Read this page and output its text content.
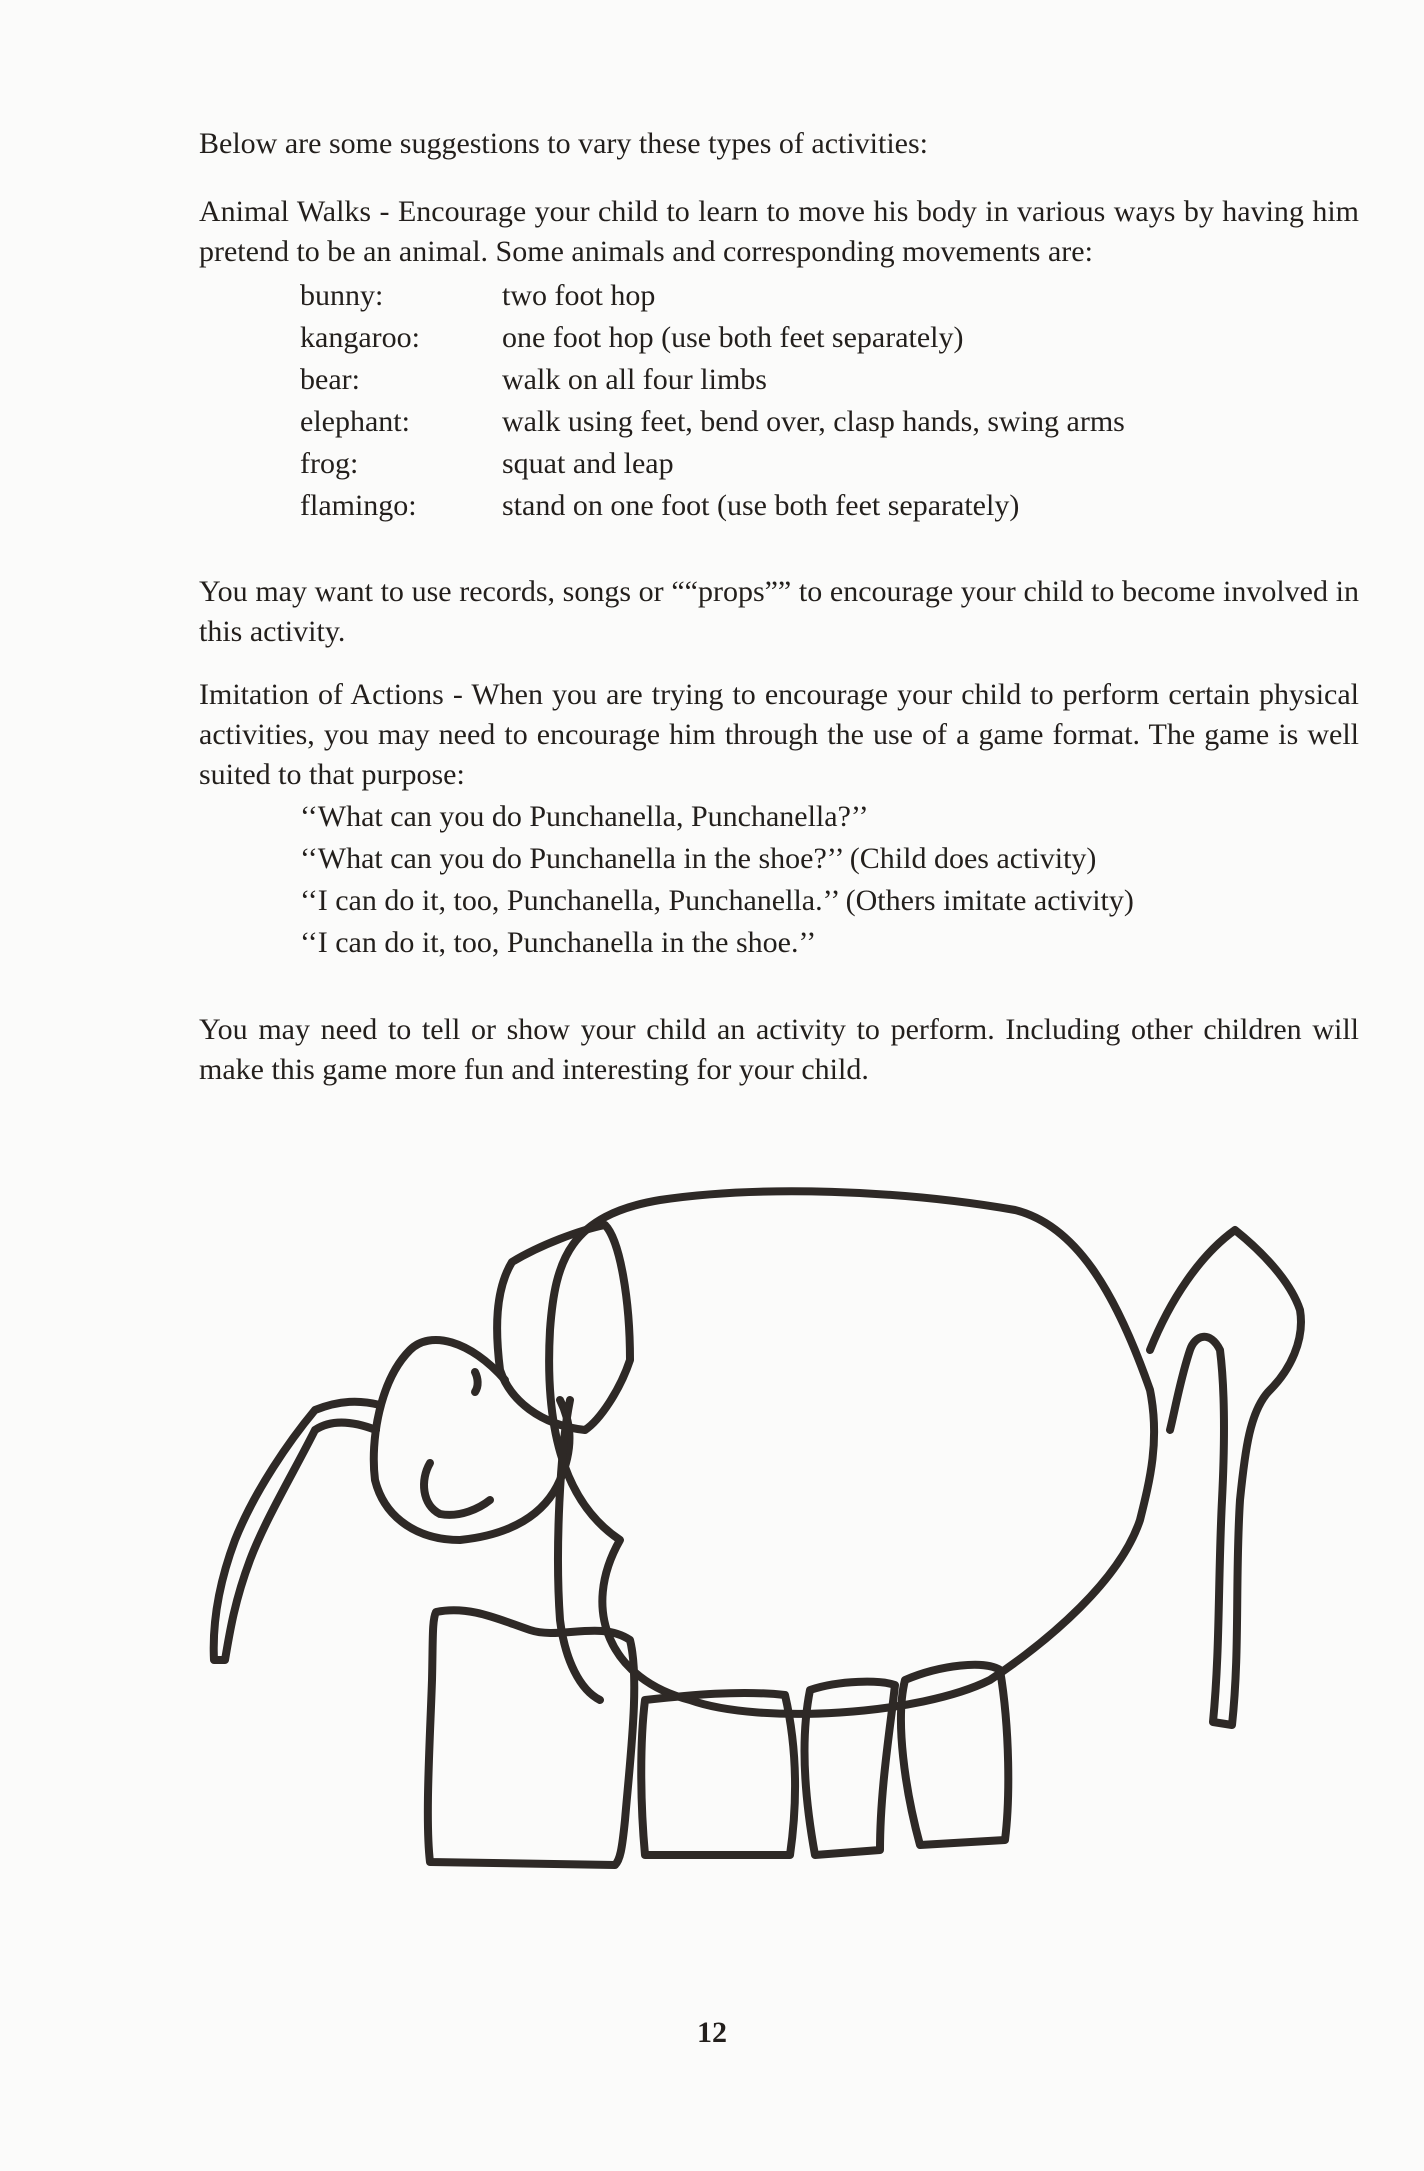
Below are some suggestions to vary these types of activities:

Animal Walks - Encourage your child to learn to move his body in various ways by having him pretend to be an animal. Some animals and corresponding movements are:

bunny:	two foot hop
kangaroo:	one foot hop (use both feet separately)
bear:	walk on all four limbs
elephant:	walk using feet, bend over, clasp hands, swing arms
frog:	squat and leap
flamingo:	stand on one foot (use both feet separately)

You may want to use records, songs or ““props”” to encourage your child to become involved in this activity.

Imitation of Actions - When you are trying to encourage your child to perform certain physical activities, you may need to encourage him through the use of a game format. The game is well suited to that purpose:

‘‘What can you do Punchanella, Punchanella?’’
‘‘What can you do Punchanella in the shoe?’’ (Child does activity)
‘‘I can do it, too, Punchanella, Punchanella.’’ (Others imitate activity)
‘‘I can do it, too, Punchanella in the shoe.’’

You may need to tell or show your child an activity to perform. Including other children will make this game more fun and interesting for your child.

12
